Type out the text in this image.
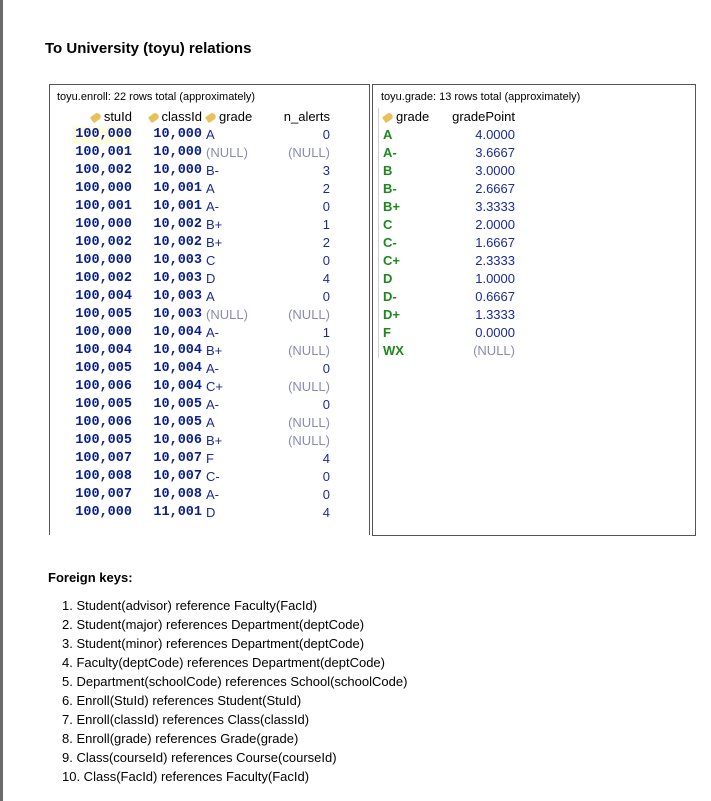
To University (toyu) relations
toyu.enroll: 22 rows total (approximately)
stuId	classId	grade	n_alerts
100,000	10,000	A	0
100,001	10,000	(NULL)	(NULL)
100,002	10,000	B-	3
100,000	10,001	A	2
100,001	10,001	A-	0
100,000	10,002	B+	1
100,002	10,002	B+	2
100,000	10,003	C	0
100,002	10,003	D	4
100,004	10,003	A	0
100,005	10,003	(NULL)	(NULL)
100,000	10,004	A-	1
100,004	10,004	B+	(NULL)
100,005	10,004	A-	0
100,006	10,004	C+	(NULL)
100,005	10,005	A-	0
100,006	10,005	A	(NULL)
100,005	10,006	B+	(NULL)
100,007	10,007	F	4
100,008	10,007	C-	0
100,007	10,008	A-	0
100,000	11,001	D	4
toyu.grade: 13 rows total (approximately)
grade	gradePoint
A	4.0000
A-	3.6667
B	3.0000
B-	2.6667
B+	3.3333
C	2.0000
C-	1.6667
C+	2.3333
D	1.0000
D-	0.6667
D+	1.3333
F	0.0000
WX	(NULL)
Foreign keys:
1. Student(advisor) reference Faculty(FacId)
2. Student(major) references Department(deptCode)
3. Student(minor) references Department(deptCode)
4. Faculty(deptCode) references Department(deptCode)
5. Department(schoolCode) references School(schoolCode)
6. Enroll(StuId) references Student(StuId)
7. Enroll(classId) references Class(classId)
8. Enroll(grade) references Grade(grade)
9. Class(courseId) references Course(courseId)
10. Class(FacId) references Faculty(FacId)
